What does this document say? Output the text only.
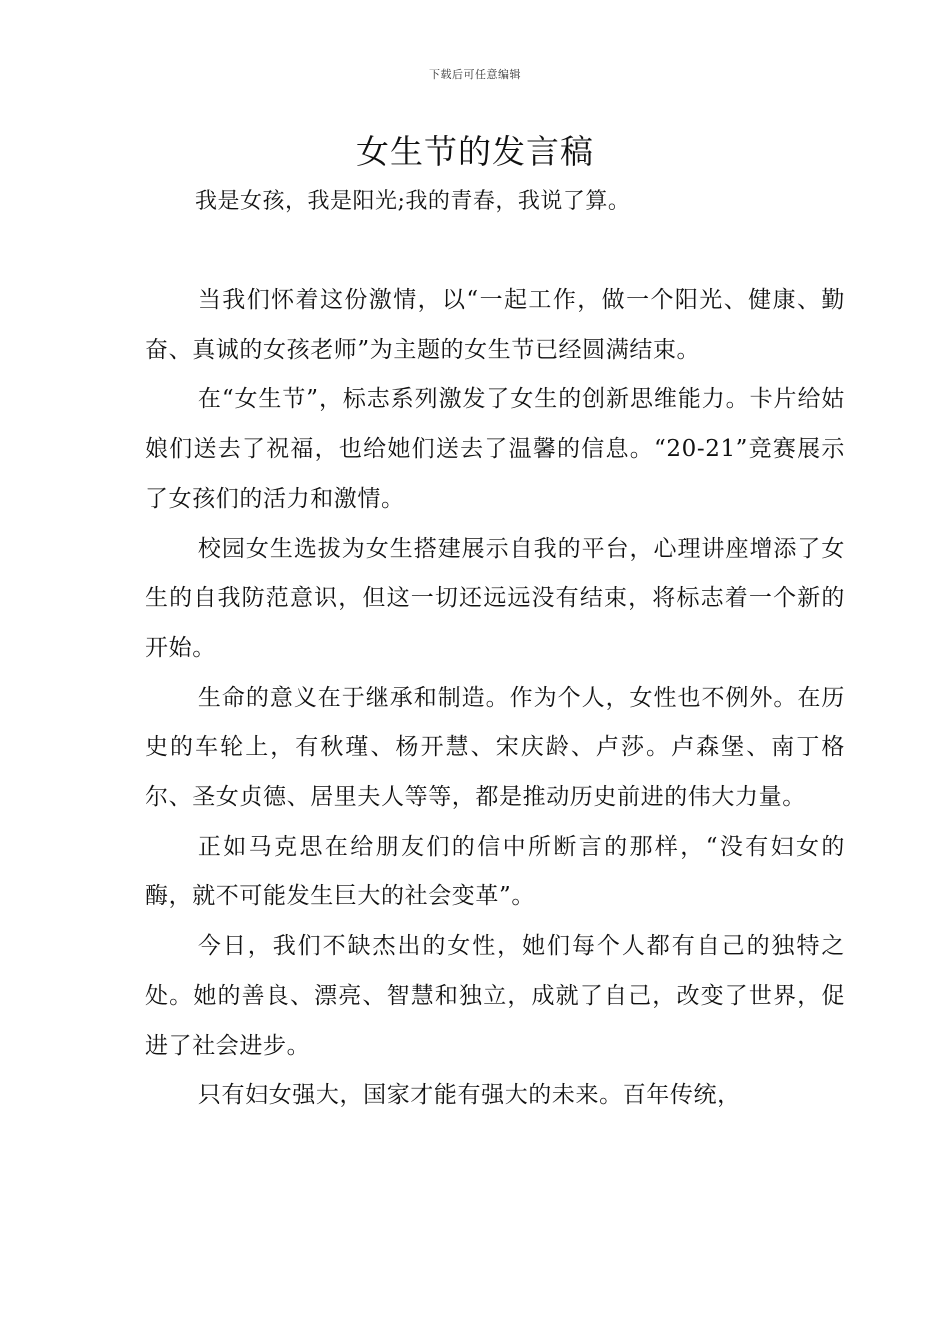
下载后可任意编辑
女生节的发言稿
我是女孩，我是阳光;我的青春，我说了算。

当我们怀着这份激情，以“一起工作，做一个阳光、健康、勤奋、真诚的女孩老师”为主题的女生节已经圆满结束。

在“女生节”，标志系列激发了女生的创新思维能力。卡片给姑娘们送去了祝福，也给她们送去了温馨的信息。“20-21”竞赛展示了女孩们的活力和激情。

校园女生选拔为女生搭建展示自我的平台，心理讲座增添了女生的自我防范意识，但这一切还远远没有结束，将标志着一个新的开始。

生命的意义在于继承和制造。作为个人，女性也不例外。在历史的车轮上，有秋瑾、杨开慧、宋庆龄、卢莎。卢森堡、南丁格尔、圣女贞德、居里夫人等等，都是推动历史前进的伟大力量。

正如马克思在给朋友们的信中所断言的那样，“没有妇女的酶，就不可能发生巨大的社会变革”。

今日，我们不缺杰出的女性，她们每个人都有自己的独特之处。她的善良、漂亮、智慧和独立，成就了自己，改变了世界，促进了社会进步。

只有妇女强大，国家才能有强大的未来。百年传统，
